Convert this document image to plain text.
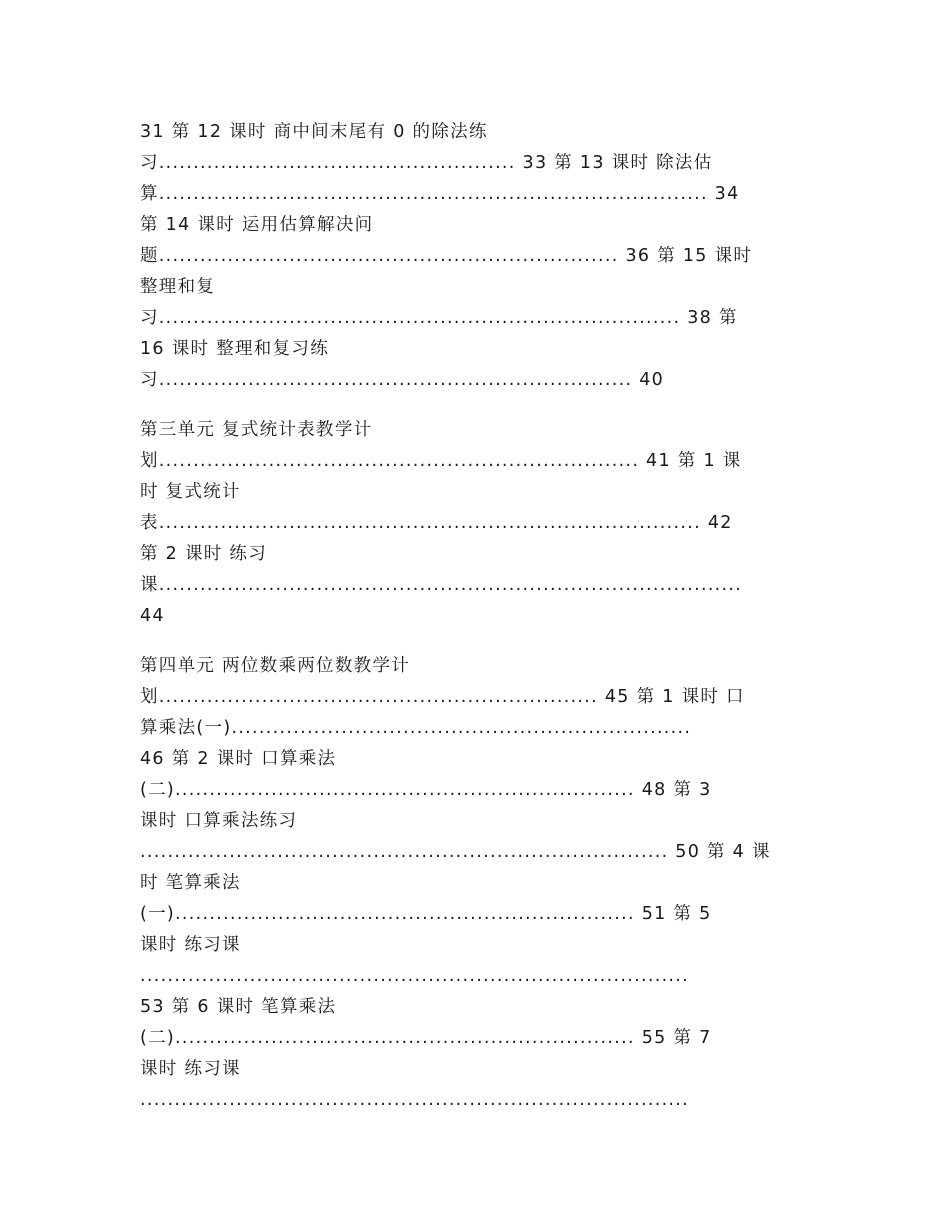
31 第 12 课时 商中间末尾有 0 的除法练
习.................................................... 33 第 13 课时 除法估
算................................................................................ 34
第 14 课时 运用估算解决问
题................................................................... 36 第 15 课时
整理和复
习............................................................................ 38 第
16 课时 整理和复习练
习..................................................................... 40
第三单元 复式统计表教学计
划...................................................................... 41 第 1 课
时 复式统计
表............................................................................... 42
第 2 课时 练习
课.....................................................................................
44
第四单元 两位数乘两位数教学计
划................................................................ 45 第 1 课时 口
算乘法(一)...................................................................
46 第 2 课时 口算乘法
(二)................................................................... 48 第 3
课时 口算乘法练习
............................................................................. 50 第 4 课
时 笔算乘法
(一)................................................................... 51 第 5
课时 练习课
................................................................................
53 第 6 课时 笔算乘法
(二)................................................................... 55 第 7
课时 练习课
................................................................................
